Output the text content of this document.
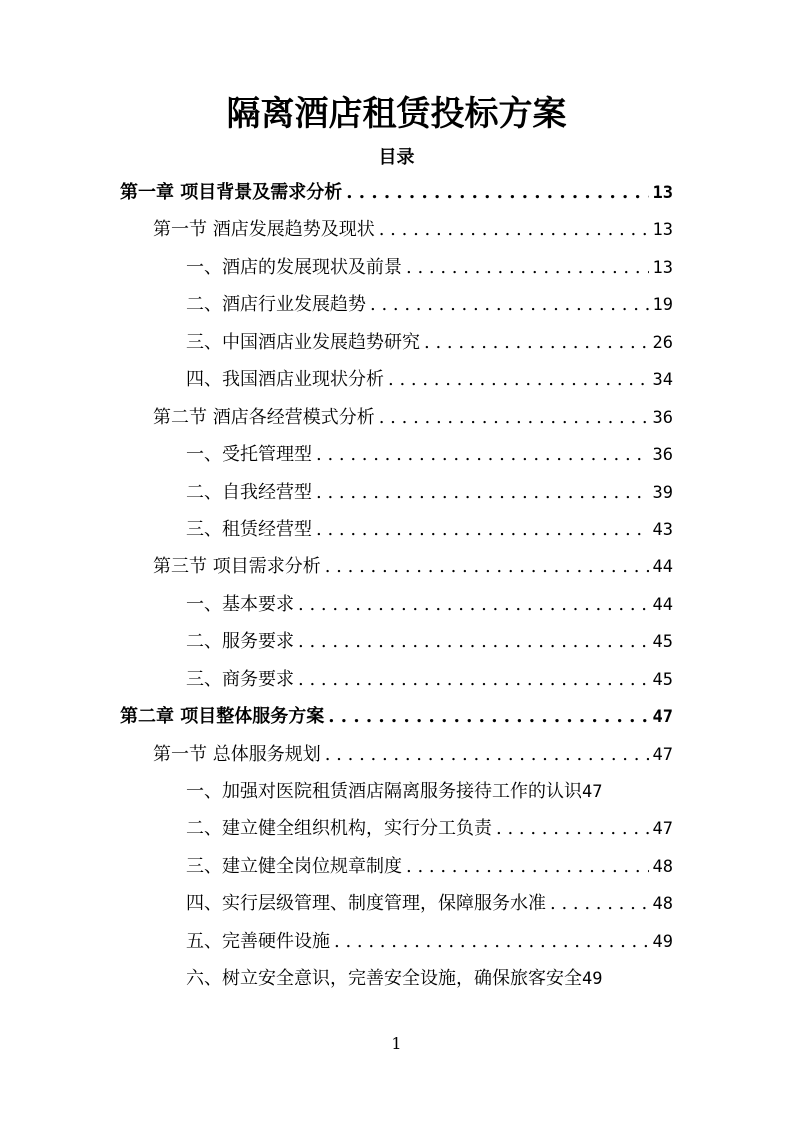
隔离酒店租赁投标方案
目录
第一章 项目背景及需求分析 . . .	13
第一节 酒店发展趋势及现状 . . .	13
一、酒店的发展现状及前景 . . .	13
二、酒店行业发展趋势 . . .	19
三、中国酒店业发展趋势研究 . . .	26
四、我国酒店业现状分析 . . .	34
第二节 酒店各经营模式分析 . . .	36
一、受托管理型 . . .	36
二、自我经营型 . . .	39
三、租赁经营型 . . .	43
第三节 项目需求分析 . . .	44
一、基本要求 . . .	44
二、服务要求 . . .	45
三、商务要求 . . .	45
第二章 项目整体服务方案 . . .	47
第一节 总体服务规划 . . .	47
一、加强对医院租赁酒店隔离服务接待工作的认识 47
二、建立健全组织机构，实行分工负责 . . .	47
三、建立健全岗位规章制度 . . .	48
四、实行层级管理、制度管理，保障服务水准 . . .	48
五、完善硬件设施 . . .	49
六、树立安全意识，完善安全设施，确保旅客安全 49
1
